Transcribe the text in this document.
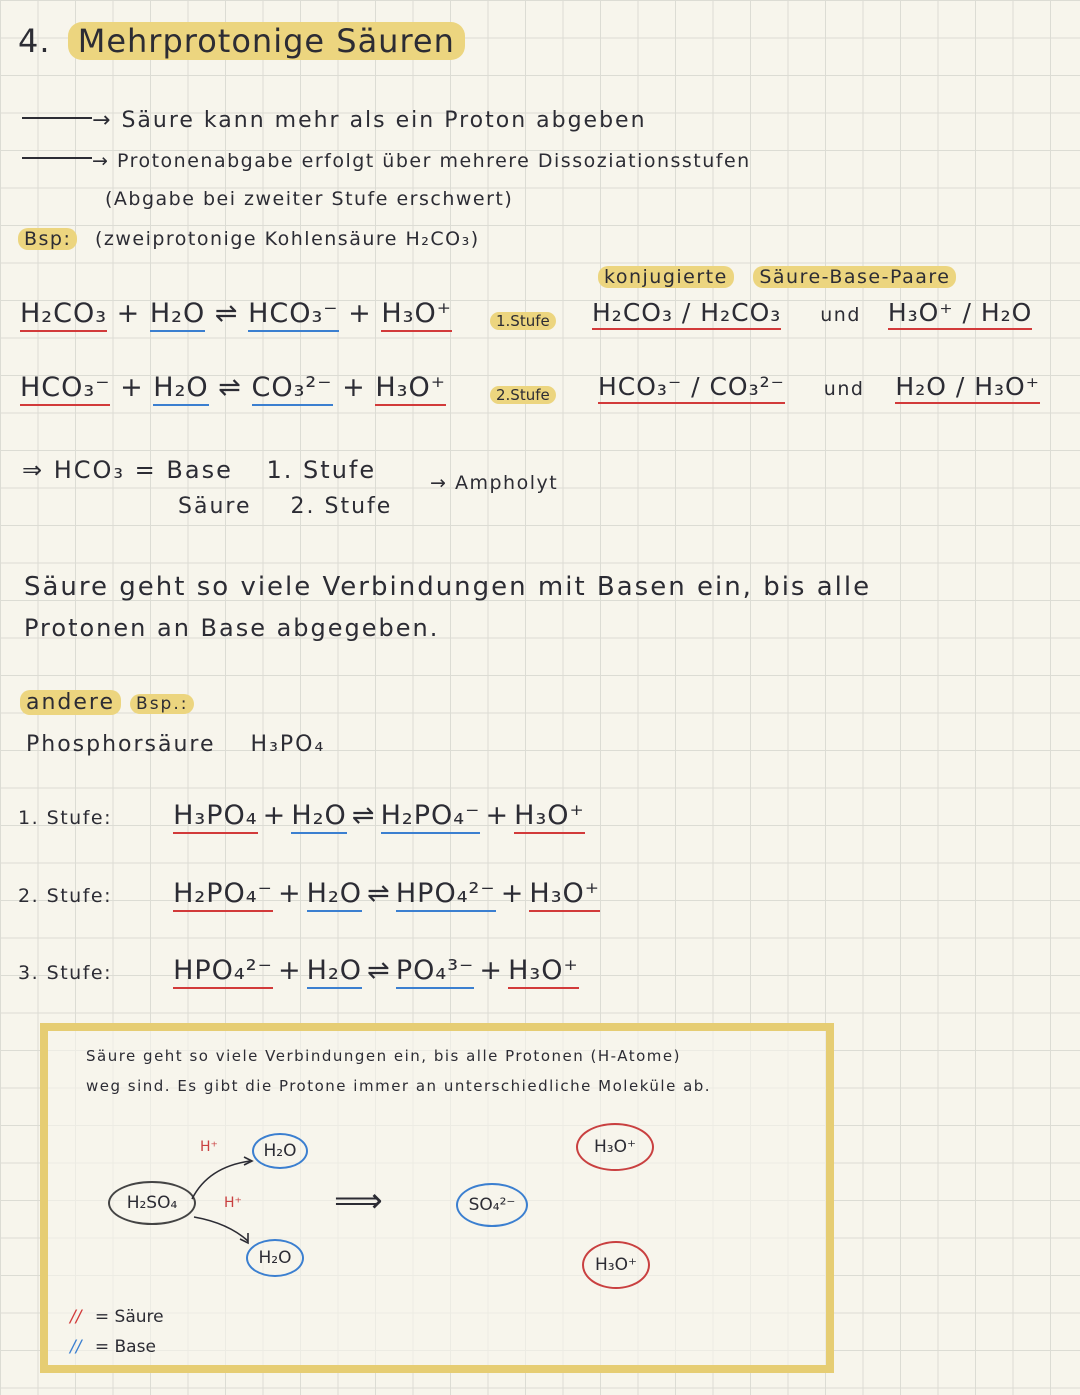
4. Mehrprotonige Säuren
→ Säure kann mehr als ein Proton abgeben
→ Protonenabgabe erfolgt über mehrere Dissoziationsstufen
(Abgabe bei zweiter Stufe erschwert)
Bsp: (zweiprotonige Kohlensäure H₂CO₃)
konjugierte Säure-Base-Paare
H₂CO₃ + H₂O ⇌ HCO₃⁻ + H₃O⁺	1.Stufe H₂CO₃ / H₂CO₃ und H₃O⁺ / H₂O
HCO₃⁻ + H₂O ⇌ CO₃²⁻ + H₃O⁺	2.Stufe HCO₃⁻ / CO₃²⁻ und H₂O / H₃O⁺
⇒ HCO₃ = Base 1. Stufe
Säure 2. Stufe
→ Ampholyt
Säure geht so viele Verbindungen mit Basen ein, bis alle
Protonen an Base abgegeben.
andere Bsp.:
Phosphorsäure H₃PO₄
1. Stufe: H₃PO₄ + H₂O ⇌ H₂PO₄⁻ + H₃O⁺
2. Stufe: H₂PO₄⁻ + H₂O ⇌ HPO₄²⁻ + H₃O⁺
3. Stufe: HPO₄²⁻ + H₂O ⇌ PO₄³⁻ + H₃O⁺
Säure geht so viele Verbindungen ein, bis alle Protonen (H-Atome)
weg sind. Es gibt die Protone immer an unterschiedliche Moleküle ab.
H₂SO₄
H⁺
H⁺
H₂O
H₂O
⟹	SO₄²⁻
H₃O⁺
H₃O⁺
// = Säure
// = Base
